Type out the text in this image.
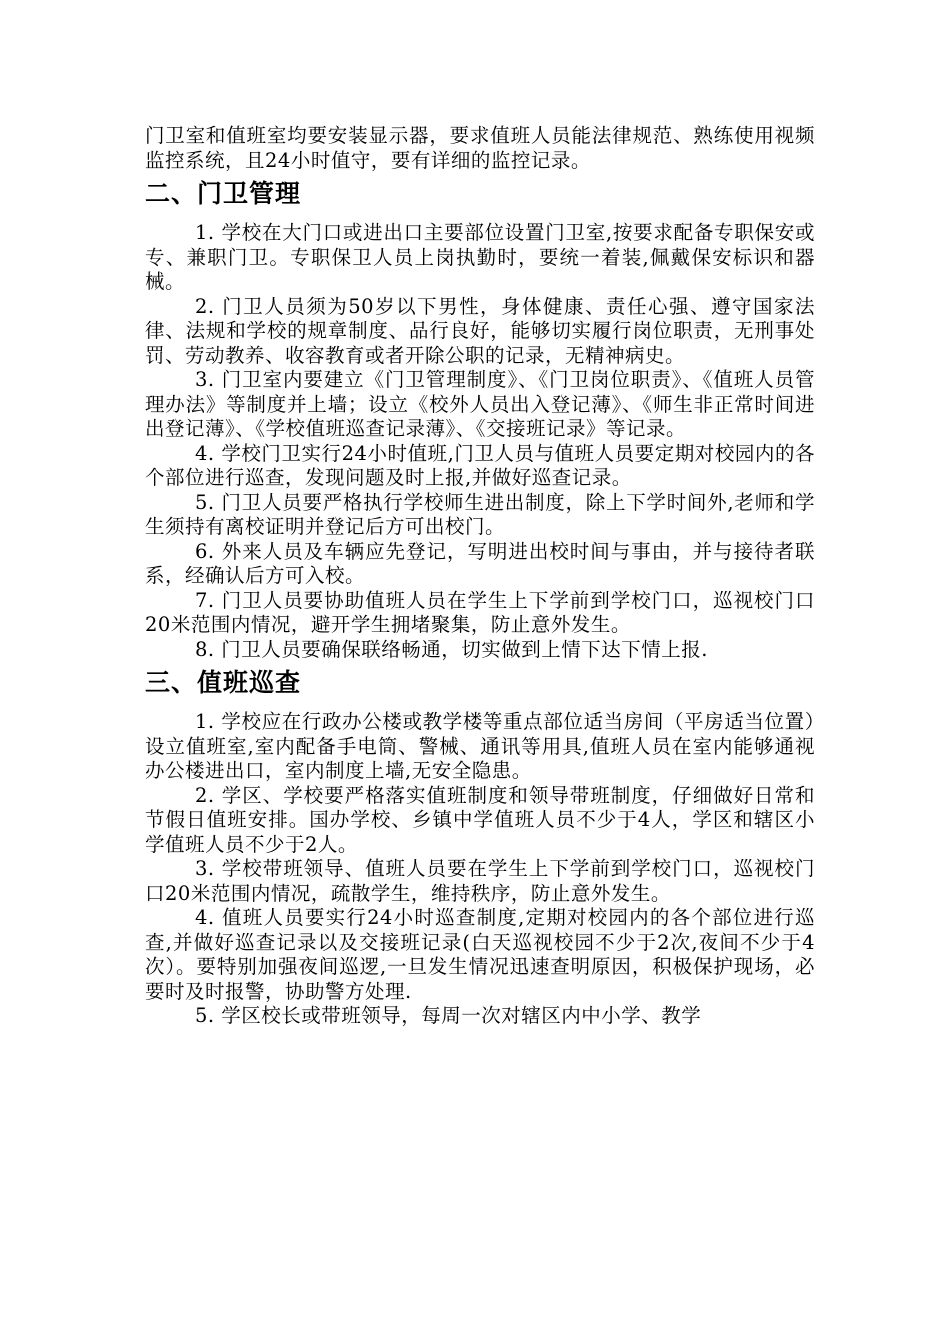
门卫室和值班室均要安装显示器，要求值班人员能法律规范、熟练使用视频监控系统，且24小时值守，要有详细的监控记录。

二、门卫管理

1. 学校在大门口或进出口主要部位设置门卫室,按要求配备专职保安或专、兼职门卫。专职保卫人员上岗执勤时，要统一着装,佩戴保安标识和器械。

2. 门卫人员须为50岁以下男性，身体健康、责任心强、遵守国家法律、法规和学校的规章制度、品行良好，能够切实履行岗位职责，无刑事处罚、劳动教养、收容教育或者开除公职的记录，无精神病史。

3. 门卫室内要建立《门卫管理制度》、《门卫岗位职责》、《值班人员管理办法》等制度并上墙；设立《校外人员出入登记薄》、《师生非正常时间进出登记薄》、《学校值班巡查记录薄》、《交接班记录》等记录。

4. 学校门卫实行24小时值班,门卫人员与值班人员要定期对校园内的各个部位进行巡查，发现问题及时上报,并做好巡查记录。

5. 门卫人员要严格执行学校师生进出制度，除上下学时间外,老师和学生须持有离校证明并登记后方可出校门。

6. 外来人员及车辆应先登记，写明进出校时间与事由，并与接待者联系，经确认后方可入校。

7. 门卫人员要协助值班人员在学生上下学前到学校门口，巡视校门口20米范围内情况，避开学生拥堵聚集，防止意外发生。

8. 门卫人员要确保联络畅通，切实做到上情下达下情上报.

三、值班巡查

1. 学校应在行政办公楼或教学楼等重点部位适当房间（平房适当位置）设立值班室,室内配备手电筒、警械、通讯等用具,值班人员在室内能够通视办公楼进出口，室内制度上墙,无安全隐患。

2. 学区、学校要严格落实值班制度和领导带班制度，仔细做好日常和节假日值班安排。国办学校、乡镇中学值班人员不少于4人，学区和辖区小学值班人员不少于2人。

3. 学校带班领导、值班人员要在学生上下学前到学校门口，巡视校门口20米范围内情况，疏散学生，维持秩序，防止意外发生。

4. 值班人员要实行24小时巡查制度,定期对校园内的各个部位进行巡查,并做好巡查记录以及交接班记录(白天巡视校园不少于2次,夜间不少于4次）。要特别加强夜间巡逻,一旦发生情况迅速查明原因，积极保护现场，必要时及时报警，协助警方处理.

5. 学区校长或带班领导，每周一次对辖区内中小学、教学
